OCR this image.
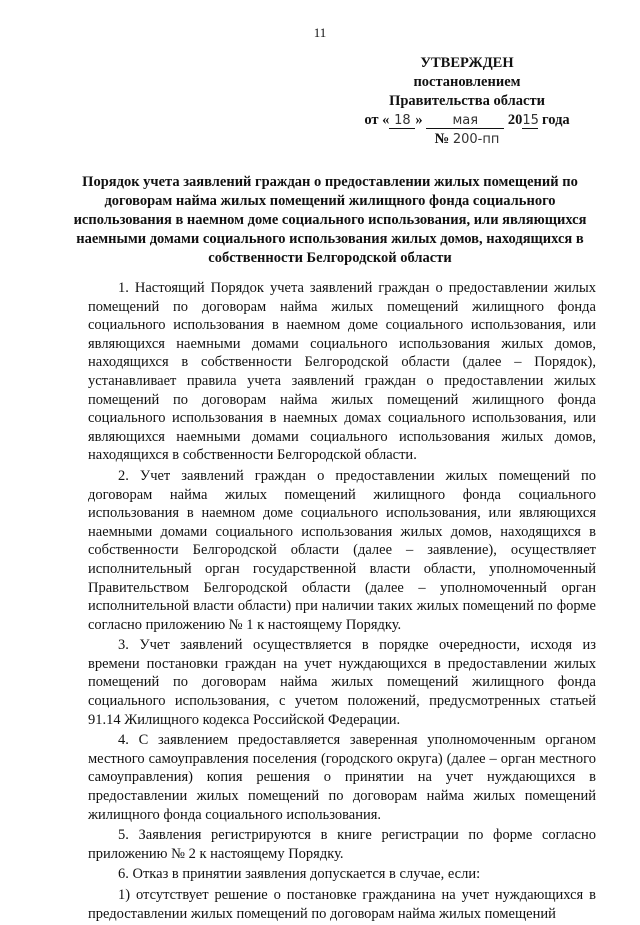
11
УТВЕРЖДЕН
постановлением
Правительства области
от « 18 » мая 2015 года
№ 200-пп
Порядок учета заявлений граждан о предоставлении жилых помещений по договорам найма жилых помещений жилищного фонда социального использования в наемном доме социального использования, или являющихся наемными домами социального использования жилых домов, находящихся в собственности Белгородской области

1. Настоящий Порядок учета заявлений граждан о предоставлении жилых помещений по договорам найма жилых помещений жилищного фонда социального использования в наемном доме социального использования, или являющихся наемными домами социального использования жилых домов, находящихся в собственности Белгородской области (далее – Порядок), устанавливает правила учета заявлений граждан о предоставлении жилых помещений по договорам найма жилых помещений жилищного фонда социального использования в наемных домах социального использования, или являющихся наемными домами социального использования жилых домов, находящихся в собственности Белгородской области.

2. Учет заявлений граждан о предоставлении жилых помещений по договорам найма жилых помещений жилищного фонда социального использования в наемном доме социального использования, или являющихся наемными домами социального использования жилых домов, находящихся в собственности Белгородской области (далее – заявление), осуществляет исполнительный орган государственной власти области, уполномоченный Правительством Белгородской области (далее – уполномоченный орган исполнительной власти области) при наличии таких жилых помещений по форме согласно приложению № 1 к настоящему Порядку.

3. Учет заявлений осуществляется в порядке очередности, исходя из времени постановки граждан на учет нуждающихся в предоставлении жилых помещений по договорам найма жилых помещений жилищного фонда социального использования, с учетом положений, предусмотренных статьей 91.14 Жилищного кодекса Российской Федерации.

4. С заявлением предоставляется заверенная уполномоченным органом местного самоуправления поселения (городского округа) (далее – орган местного самоуправления) копия решения о принятии на учет нуждающихся в предоставлении жилых помещений по договорам найма жилых помещений жилищного фонда социального использования.

5. Заявления регистрируются в книге регистрации по форме согласно приложению № 2 к настоящему Порядку.

6. Отказ в принятии заявления допускается в случае, если:

1) отсутствует решение о постановке гражданина на учет нуждающихся в предоставлении жилых помещений по договорам найма жилых помещений
